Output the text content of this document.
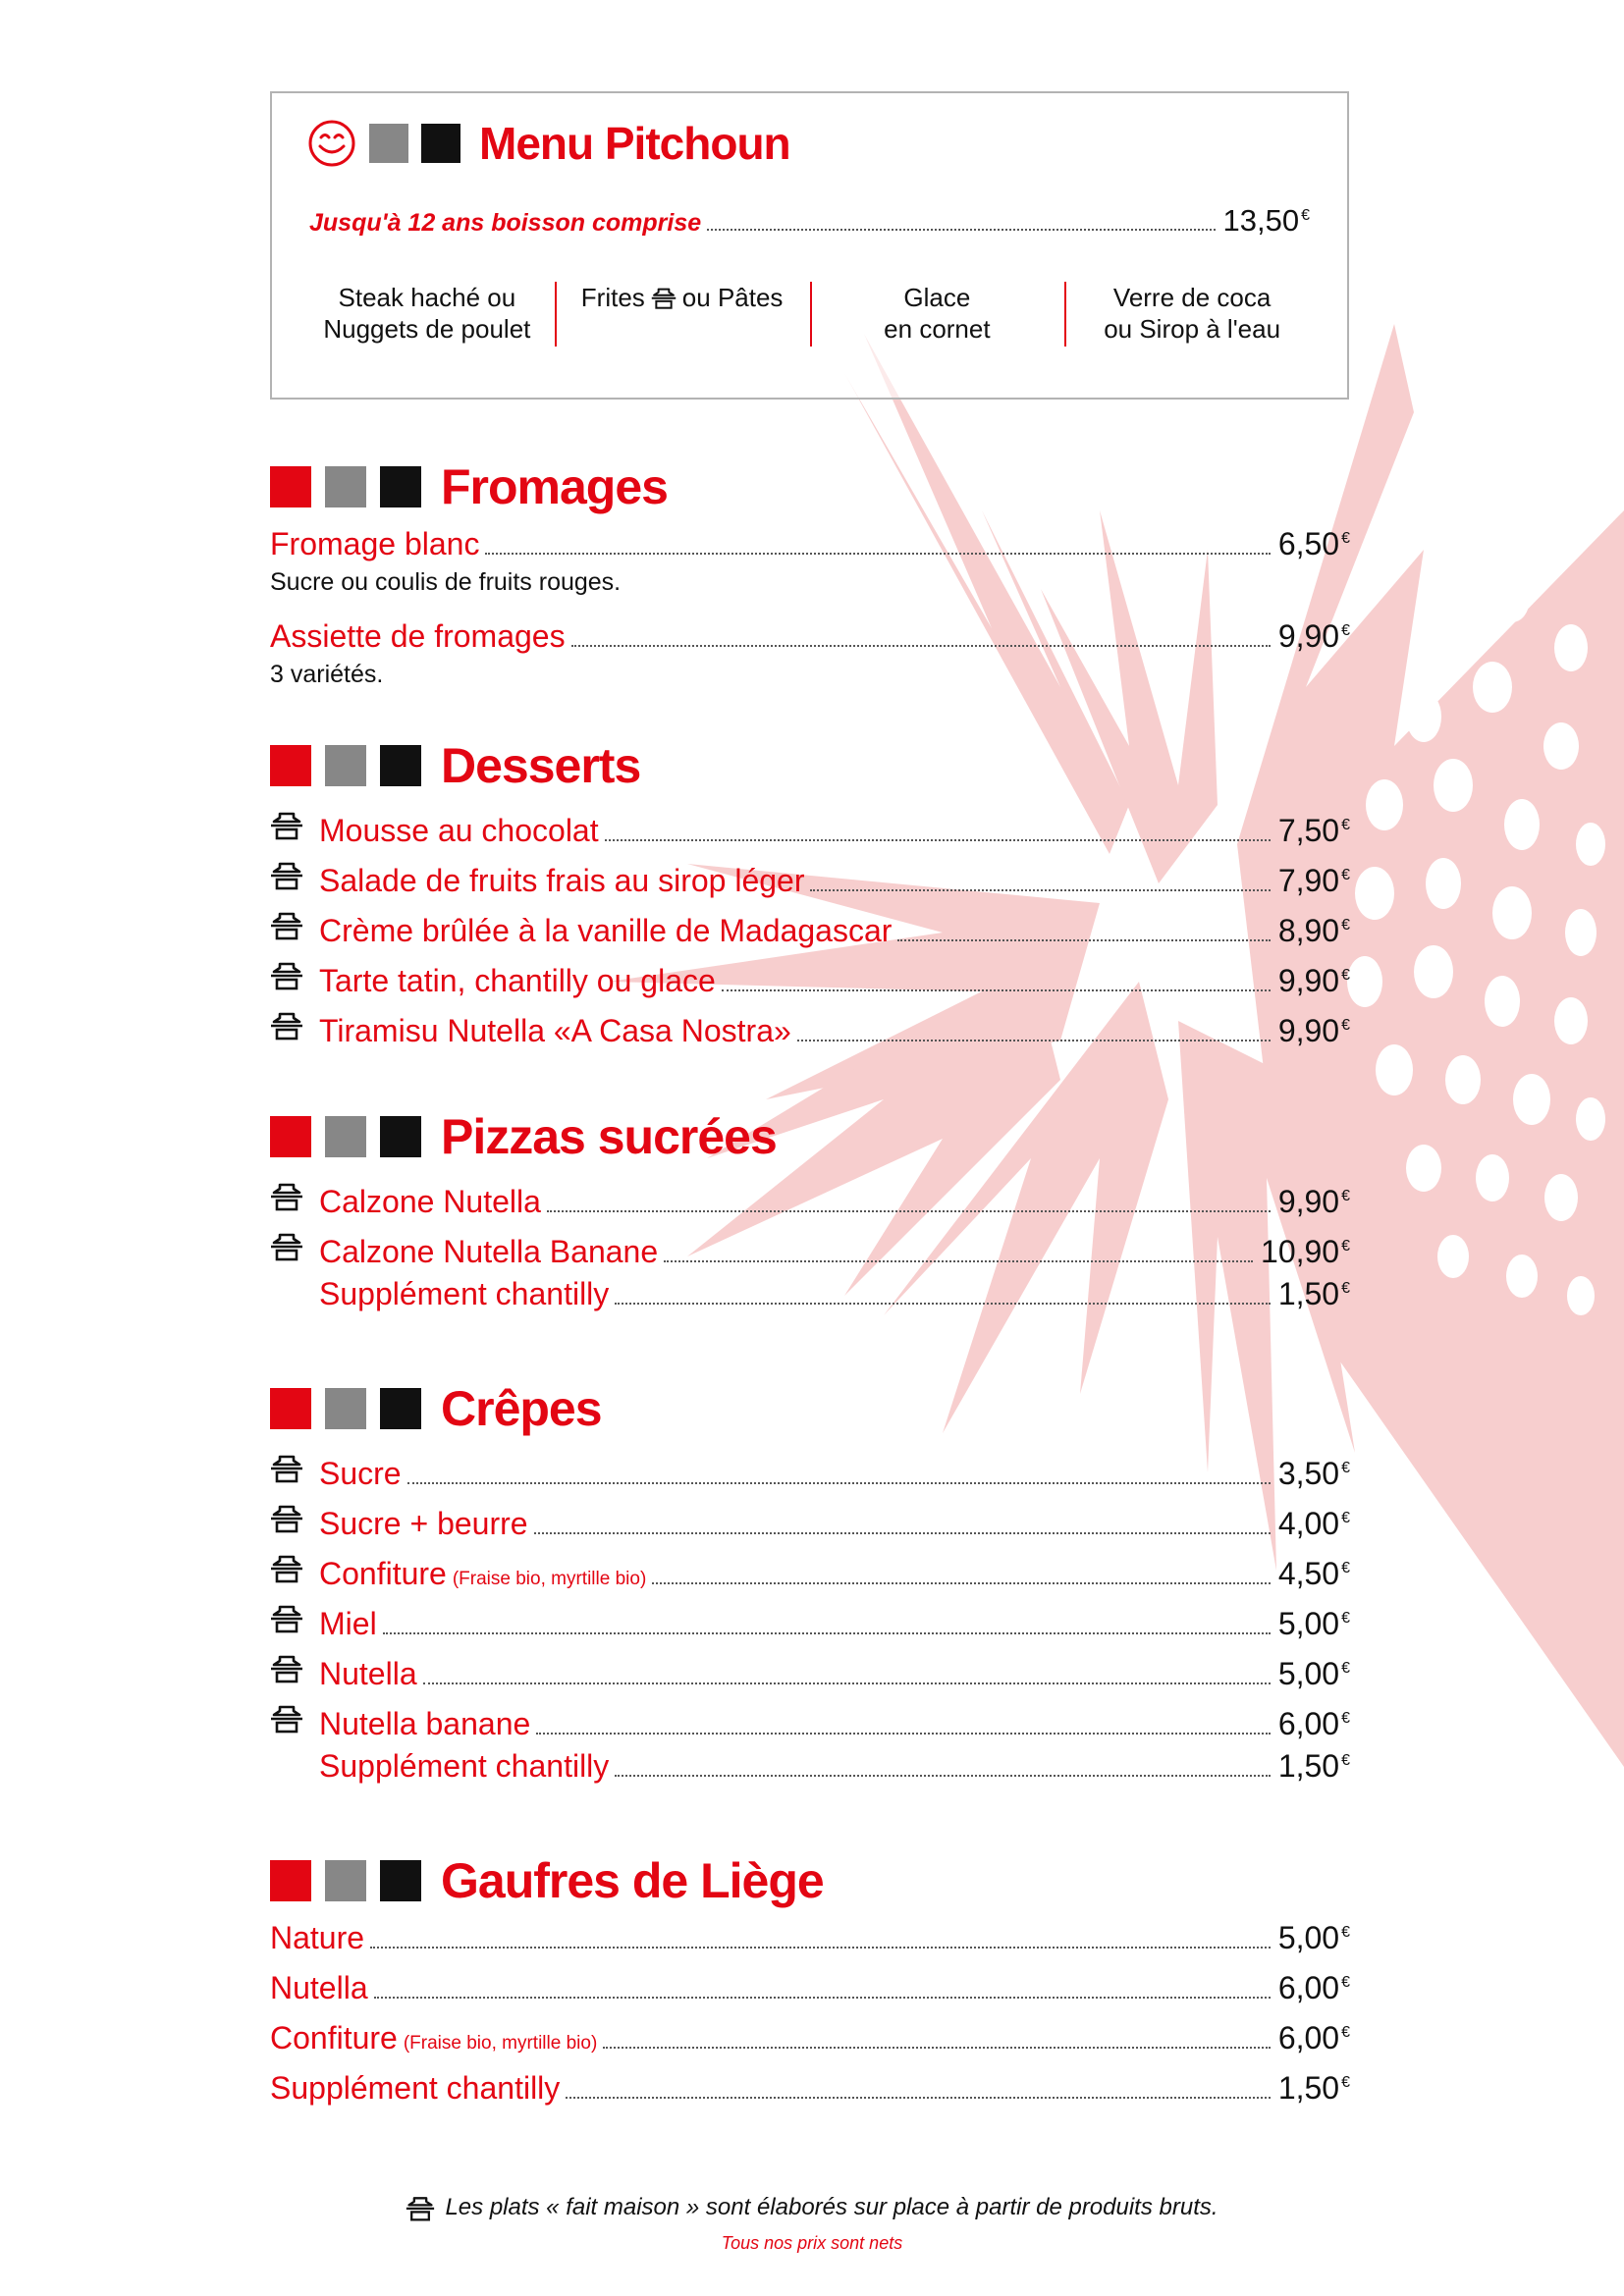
Menu Pitchoun
Jusqu'à 12 ans boisson comprise	13,50 €
Steak haché ou
Nuggets de poulet
Frites ou Pâtes	Glace
en cornet
Verre de coca
ou Sirop à l'eau
Fromages
Fromage blanc	6,50 €
Sucre ou coulis de fruits rouges.
Assiette de fromages	9,90 €
3 variétés.
Desserts
Mousse au chocolat	7,50 €
Salade de fruits frais au sirop léger	7,90 €
Crème brûlée à la vanille de Madagascar	8,90 €
Tarte tatin, chantilly ou glace	9,90 €
Tiramisu Nutella «A Casa Nostra»	9,90 €
Pizzas sucrées
Calzone Nutella	9,90 €
Calzone Nutella Banane	10,90 €
Supplément chantilly	1,50 €
Crêpes
Sucre	3,50 €
Sucre + beurre	4,00 €
Confiture (Fraise bio, myrtille bio)	4,50 €
Miel	5,00 €
Nutella	5,00 €
Nutella banane	6,00 €
Supplément chantilly	1,50 €
Gaufres de Liège
Nature	5,00 €
Nutella	6,00 €
Confiture (Fraise bio, myrtille bio)	6,00 €
Supplément chantilly	1,50 €
Les plats « fait maison » sont élaborés sur place à partir de produits bruts.
Tous nos prix sont nets
